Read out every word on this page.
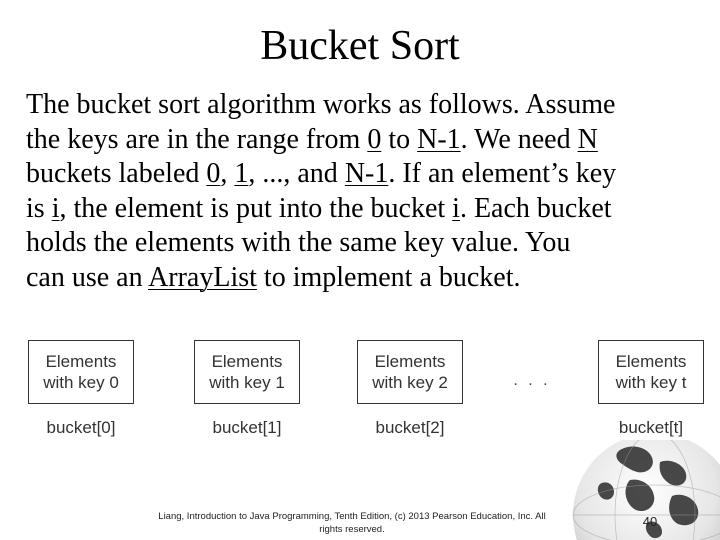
Bucket Sort
The bucket sort algorithm works as follows. Assume
the keys are in the range from 0 to N-1. We need N
buckets labeled 0, 1, ..., and N-1. If an element’s key
is i, the element is put into the bucket i. Each bucket
holds the elements with the same key value. You
can use an ArrayList to implement a bucket.
Elements
with key 0
bucket[0]
Elements
with key 1
bucket[1]
Elements
with key 2
bucket[2]
. . .
Elements
with key t
bucket[t]
Liang, Introduction to Java Programming, Tenth Edition, (c) 2013 Pearson Education, Inc. All
rights reserved.
40
